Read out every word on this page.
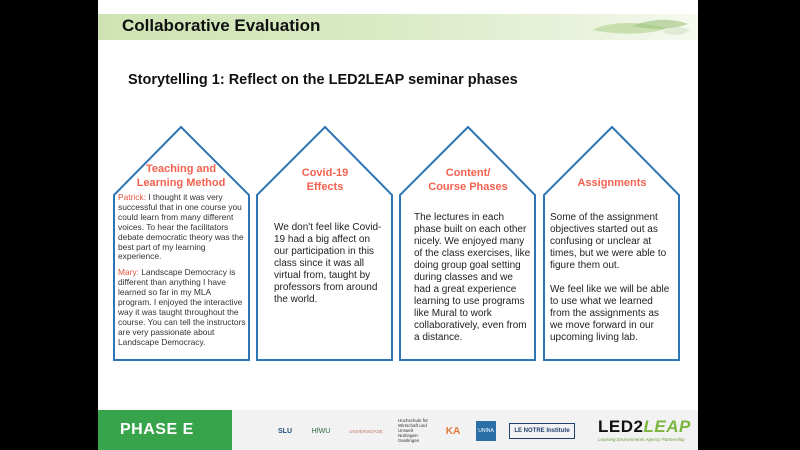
Collaborative Evaluation
Storytelling 1: Reflect on the LED2LEAP seminar phases
Teaching and
Learning Method

Patrick: I thought it was very successful that in one course you could learn from many different voices. To hear the facilitators debate democratic theory was the best part of my learning experience.

Mary: Landscape Democracy is different than anything I have learned so far in my MLA program. I enjoyed the interactive way it was taught throughout the course. You can tell the instructors are very passionate about Landscape Democracy.

Covid-19
Effects
We don't feel like Covid-19 had a big affect on our participation in this class since it was all virtual from, taught by professors from around the world.
Content/
Course Phases
The lectures in each phase built on each other nicely. We enjoyed many of the class exercises, like doing group goal setting during classes and we had a great experience learning to use programs like Mural to work collaboratively, even from a distance.
Assignments

Some of the assignment objectives started out as confusing or unclear at times, but we were able to figure them out.

We feel like we will be able to use what we learned from the assignments as we move forward in our upcoming living lab.

PHASE E	SLU	HfWU	UNIVERSIDADE
Hochschule für Wirtschaft und Umwelt Nürtingen-Geislingen
KA	UNINA	LE NOTRE Institute	LED2LEAP
Learning Environments Agency Partnership
